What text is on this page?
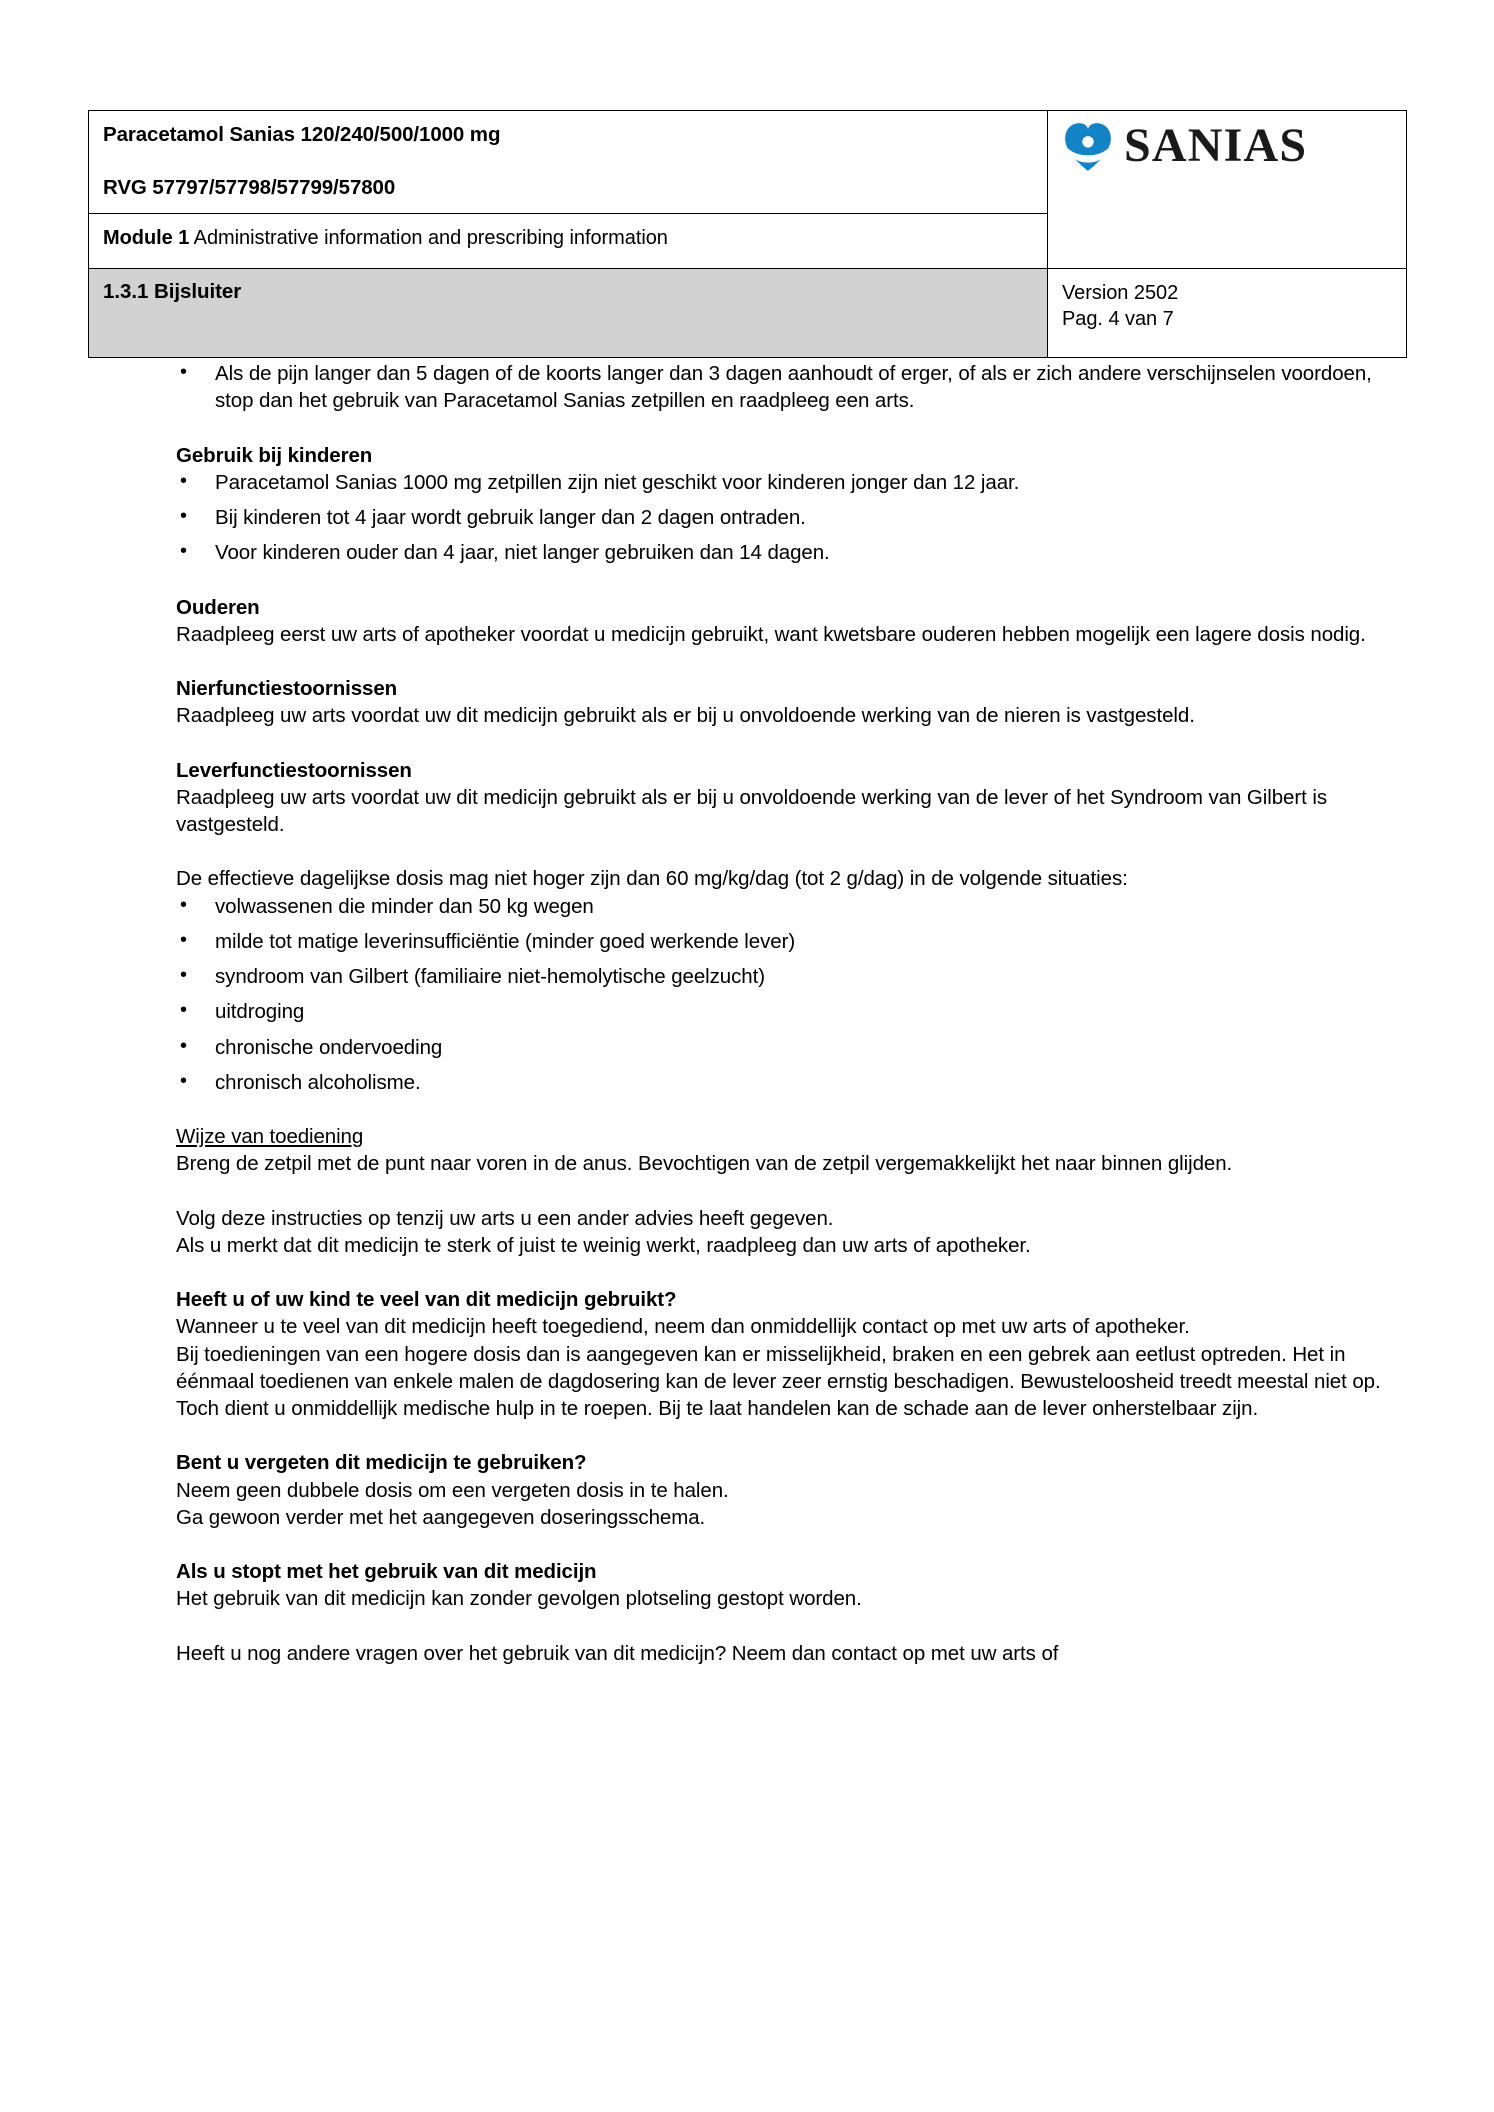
Paracetamol Sanias 120/240/500/1000 mg
RVG 57797/57798/57799/57800	SANIAS

Module 1 Administrative information and prescribing information	

1.3.1 Bijsluiter	Version 2502
Pag. 4 van 7
• Als de pijn langer dan 5 dagen of de koorts langer dan 3 dagen aanhoudt of erger, of als er zich andere verschijnselen voordoen, stop dan het gebruik van Paracetamol Sanias zetpillen en raadpleeg een arts.
Gebruik bij kinderen
• Paracetamol Sanias 1000 mg zetpillen zijn niet geschikt voor kinderen jonger dan 12 jaar.
• Bij kinderen tot 4 jaar wordt gebruik langer dan 2 dagen ontraden.
• Voor kinderen ouder dan 4 jaar, niet langer gebruiken dan 14 dagen.
Ouderen

Raadpleeg eerst uw arts of apotheker voordat u medicijn gebruikt, want kwetsbare ouderen hebben mogelijk een lagere dosis nodig.

Nierfunctiestoornissen

Raadpleeg uw arts voordat uw dit medicijn gebruikt als er bij u onvoldoende werking van de nieren is vastgesteld.

Leverfunctiestoornissen

Raadpleeg uw arts voordat uw dit medicijn gebruikt als er bij u onvoldoende werking van de lever of het Syndroom van Gilbert is vastgesteld.

De effectieve dagelijkse dosis mag niet hoger zijn dan 60 mg/kg/dag (tot 2 g/dag) in de volgende situaties:

• volwassenen die minder dan 50 kg wegen
• milde tot matige leverinsufficiëntie (minder goed werkende lever)
• syndroom van Gilbert (familiaire niet-hemolytische geelzucht)
• uitdroging
• chronische ondervoeding
• chronisch alcoholisme.
Wijze van toediening

Breng de zetpil met de punt naar voren in de anus. Bevochtigen van de zetpil vergemakkelijkt het naar binnen glijden.

Volg deze instructies op tenzij uw arts u een ander advies heeft gegeven.

Als u merkt dat dit medicijn te sterk of juist te weinig werkt, raadpleeg dan uw arts of apotheker.

Heeft u of uw kind te veel van dit medicijn gebruikt?

Wanneer u te veel van dit medicijn heeft toegediend, neem dan onmiddellijk contact op met uw arts of apotheker.

Bij toedieningen van een hogere dosis dan is aangegeven kan er misselijkheid, braken en een gebrek aan eetlust optreden. Het in éénmaal toedienen van enkele malen de dagdosering kan de lever zeer ernstig beschadigen. Bewusteloosheid treedt meestal niet op. Toch dient u onmiddellijk medische hulp in te roepen. Bij te laat handelen kan de schade aan de lever onherstelbaar zijn.

Bent u vergeten dit medicijn te gebruiken?

Neem geen dubbele dosis om een vergeten dosis in te halen.

Ga gewoon verder met het aangegeven doseringsschema.

Als u stopt met het gebruik van dit medicijn

Het gebruik van dit medicijn kan zonder gevolgen plotseling gestopt worden.

Heeft u nog andere vragen over het gebruik van dit medicijn? Neem dan contact op met uw arts of
